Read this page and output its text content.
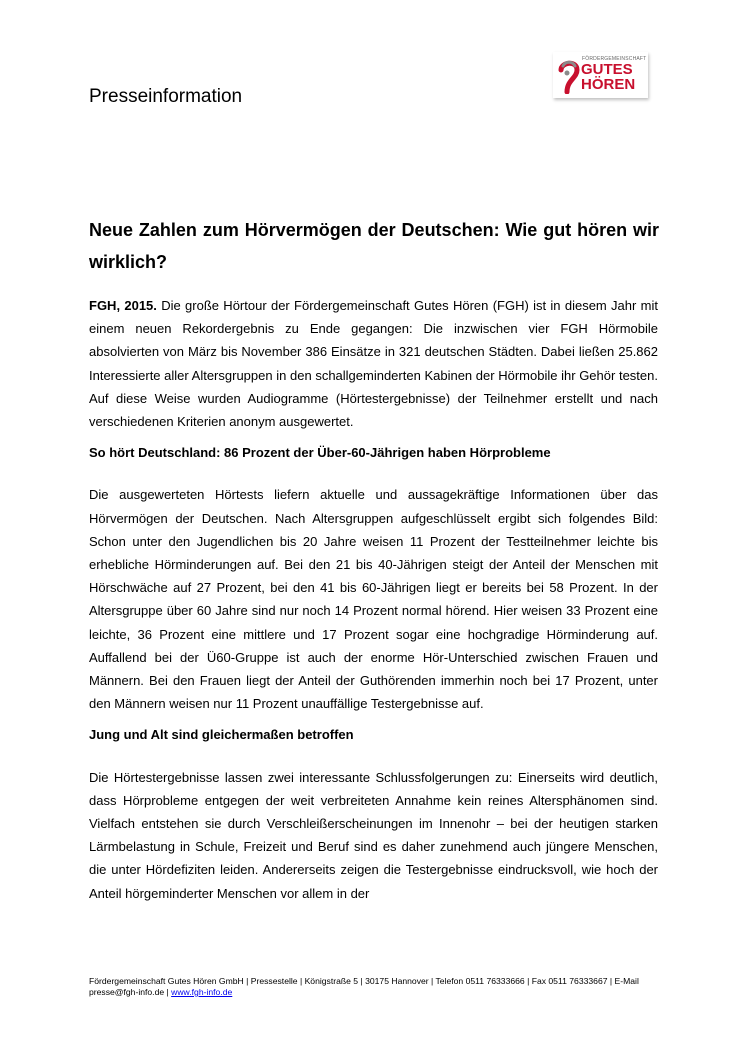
Presseinformation
FÖRDERGEMEINSCHAFT
GUTES
HÖREN
Neue Zahlen zum Hörvermögen der Deutschen: Wie gut hören wir wirklich?

FGH, 2015. Die große Hörtour der Fördergemeinschaft Gutes Hören (FGH) ist in diesem Jahr mit einem neuen Rekordergebnis zu Ende gegangen: Die inzwischen vier FGH Hörmobile absolvierten von März bis November 386 Einsätze in 321 deutschen Städten. Dabei ließen 25.862 Interessierte aller Altersgruppen in den schallgeminderten Kabinen der Hörmobile ihr Gehör testen. Auf diese Weise wurden Audiogramme (Hörtestergebnisse) der Teilnehmer erstellt und nach verschiedenen Kriterien anonym ausgewertet.

So hört Deutschland: 86 Prozent der Über-60-Jährigen haben Hörprobleme

Die ausgewerteten Hörtests liefern aktuelle und aussagekräftige Informationen über das Hörvermögen der Deutschen. Nach Altersgruppen aufgeschlüsselt ergibt sich folgendes Bild: Schon unter den Jugendlichen bis 20 Jahre weisen 11 Prozent der Testteilnehmer leichte bis erhebliche Hörminderungen auf. Bei den 21 bis 40-Jährigen steigt der Anteil der Menschen mit Hörschwäche auf 27 Prozent, bei den 41 bis 60-Jährigen liegt er bereits bei 58 Prozent. In der Altersgruppe über 60 Jahre sind nur noch 14 Prozent normal hörend. Hier weisen 33 Prozent eine leichte, 36 Prozent eine mittlere und 17 Prozent sogar eine hochgradige Hörminderung auf. Auffallend bei der Ü60-Gruppe ist auch der enorme Hör-Unterschied zwischen Frauen und Männern. Bei den Frauen liegt der Anteil der Guthörenden immerhin noch bei 17 Prozent, unter den Männern weisen nur 11 Prozent unauffällige Testergebnisse auf.

Jung und Alt sind gleichermaßen betroffen

Die Hörtestergebnisse lassen zwei interessante Schlussfolgerungen zu: Einerseits wird deutlich, dass Hörprobleme entgegen der weit verbreiteten Annahme kein reines Altersphänomen sind. Vielfach entstehen sie durch Verschleißerscheinungen im Innenohr – bei der heutigen starken Lärmbelastung in Schule, Freizeit und Beruf sind es daher zunehmend auch jüngere Menschen, die unter Hördefiziten leiden. Andererseits zeigen die Testergebnisse eindrucksvoll, wie hoch der Anteil hörgeminderter Menschen vor allem in der

Fördergemeinschaft Gutes Hören GmbH | Pressestelle | Königstraße 5 | 30175 Hannover | Telefon 0511 76333666 | Fax 0511 76333667 | E-Mail presse@fgh-info.de | www.fgh-info.de
